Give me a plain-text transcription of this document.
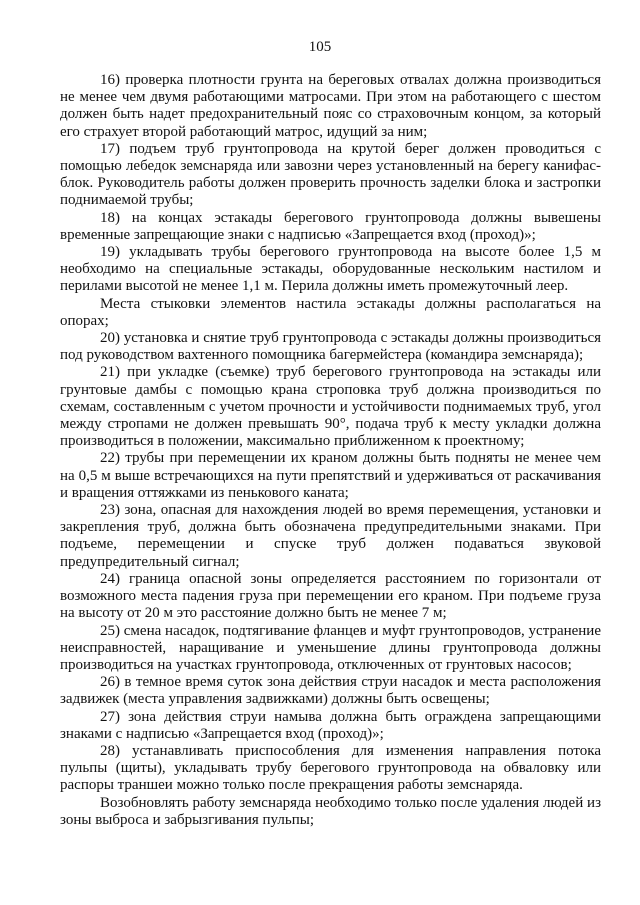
105

16) проверка плотности грунта на береговых отвалах должна производиться не менее чем двумя работающими матросами. При этом на работающего с шестом должен быть надет предохранительный пояс со страховочным концом, за который его страхует второй работающий матрос, идущий за ним;

17) подъем труб грунтопровода на крутой берег должен проводиться с помощью лебедок земснаряда или завозни через установленный на берегу канифас-блок. Руководитель работы должен проверить прочность заделки блока и застропки поднимаемой трубы;

18) на концах эстакады берегового грунтопровода должны вывешены временные запрещающие знаки с надписью «Запрещается вход (проход)»;

19) укладывать трубы берегового грунтопровода на высоте более 1,5 м необходимо на специальные эстакады, оборудованные нескольким настилом и перилами высотой не менее 1,1 м. Перила должны иметь промежуточный леер.

Места стыковки элементов настила эстакады должны располагаться на опорах;

20) установка и снятие труб грунтопровода с эстакады должны производиться под руководством вахтенного помощника багермейстера (командира земснаряда);

21) при укладке (съемке) труб берегового грунтопровода на эстакады или грунтовые дамбы с помощью крана строповка труб должна производиться по схемам, составленным с учетом прочности и устойчивости поднимаемых труб, угол между стропами не должен превышать 90°, подача труб к месту укладки должна производиться в положении, максимально приближенном к проектному;

22) трубы при перемещении их краном должны быть подняты не менее чем на 0,5 м выше встречающихся на пути препятствий и удерживаться от раскачивания и вращения оттяжками из пенькового каната;

23) зона, опасная для нахождения людей во время перемещения, установки и закрепления труб, должна быть обозначена предупредительными знаками. При подъеме, перемещении и спуске труб должен подаваться звуковой предупредительный сигнал;

24) граница опасной зоны определяется расстоянием по горизонтали от возможного места падения груза при перемещении его краном. При подъеме груза на высоту от 20 м это расстояние должно быть не менее 7 м;

25) смена насадок, подтягивание фланцев и муфт грунтопроводов, устранение неисправностей, наращивание и уменьшение длины грунтопровода должны производиться на участках грунтопровода, отключенных от грунтовых насосов;

26) в темное время суток зона действия струи насадок и места расположения задвижек (места управления задвижками) должны быть освещены;

27) зона действия струи намыва должна быть ограждена запрещающими знаками с надписью «Запрещается вход (проход)»;

28) устанавливать приспособления для изменения направления потока пульпы (щиты), укладывать трубу берегового грунтопровода на обваловку или распоры траншеи можно только после прекращения работы земснаряда.

Возобновлять работу земснаряда необходимо только после удаления людей из зоны выброса и забрызгивания пульпы;
